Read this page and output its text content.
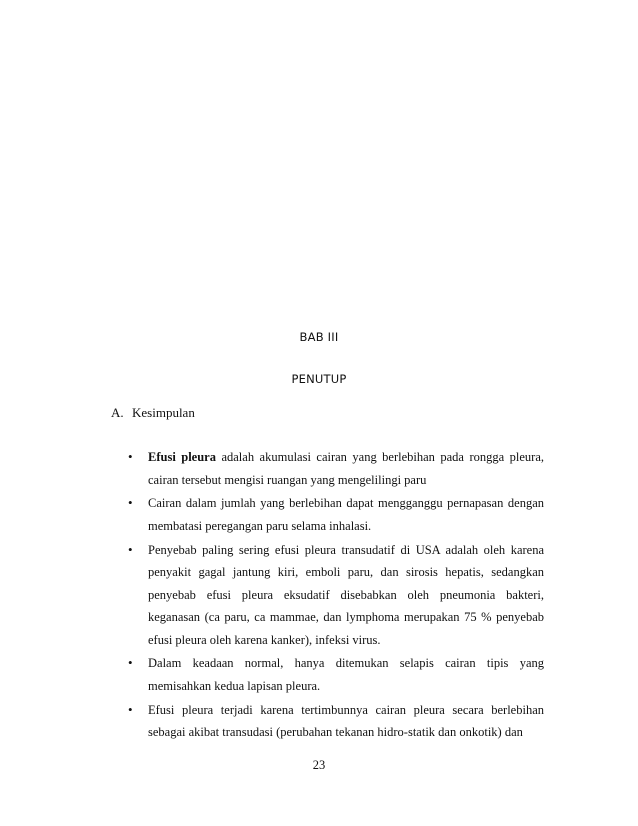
BAB III
PENUTUP
A. Kesimpulan
• Efusi pleura adalah akumulasi cairan yang berlebihan pada rongga pleura, cairan tersebut mengisi ruangan yang mengelilingi paru
• Cairan dalam jumlah yang berlebihan dapat mengganggu pernapasan dengan membatasi peregangan paru selama inhalasi.
• Penyebab paling sering efusi pleura transudatif di USA adalah oleh karena penyakit gagal jantung kiri, emboli paru, dan sirosis hepatis, sedangkan penyebab efusi pleura eksudatif disebabkan oleh pneumonia bakteri, keganasan (ca paru, ca mammae, dan lymphoma merupakan 75 % penyebab efusi pleura oleh karena kanker), infeksi virus.
• Dalam keadaan normal, hanya ditemukan selapis cairan tipis yang memisahkan kedua lapisan pleura.
• Efusi pleura terjadi karena tertimbunnya cairan pleura secara berlebihan sebagai akibat transudasi (perubahan tekanan hidro-statik dan onkotik) dan
23
